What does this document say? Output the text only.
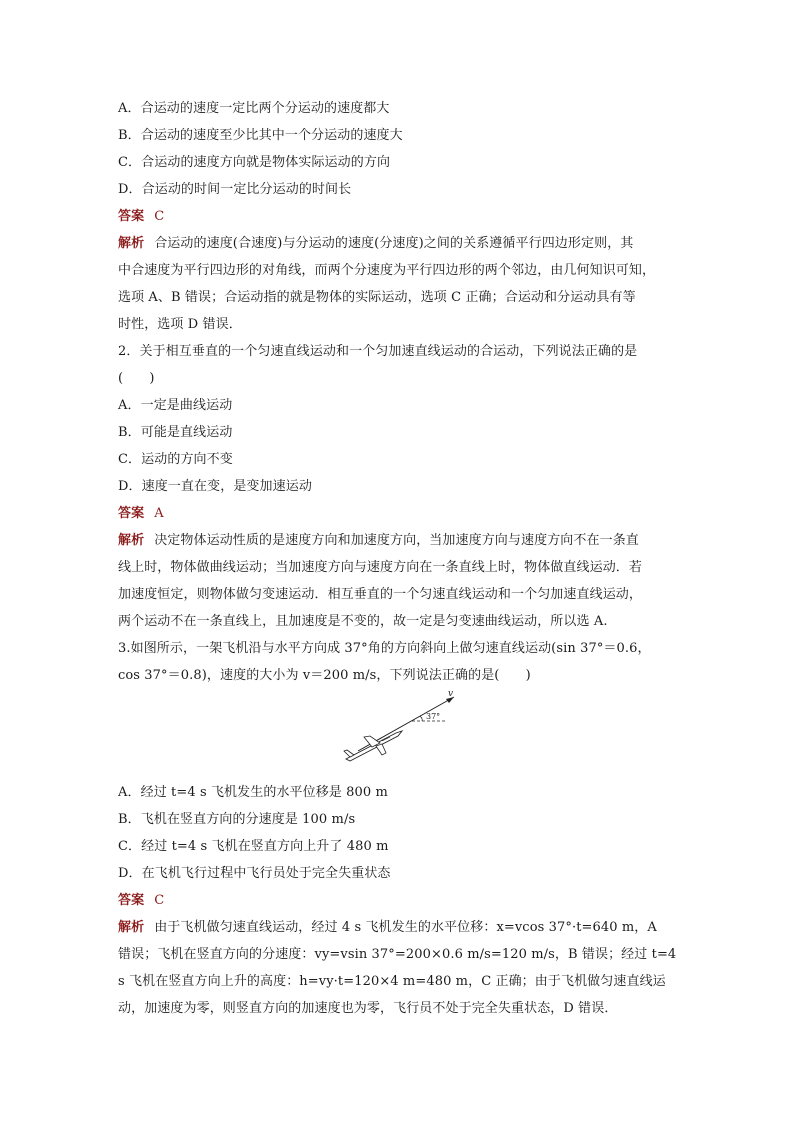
A．合运动的速度一定比两个分运动的速度都大
B．合运动的速度至少比其中一个分运动的速度大
C．合运动的速度方向就是物体实际运动的方向
D．合运动的时间一定比分运动的时间长
答案 C
解析 合运动的速度(合速度)与分运动的速度(分速度)之间的关系遵循平行四边形定则，其
中合速度为平行四边形的对角线，而两个分速度为平行四边形的两个邻边，由几何知识可知，
选项 A、B 错误；合运动指的就是物体的实际运动，选项 C 正确；合运动和分运动具有等
时性，选项 D 错误．
2．关于相互垂直的一个匀速直线运动和一个匀加速直线运动的合运动，下列说法正确的是
(　　)
A．一定是曲线运动
B．可能是直线运动
C．运动的方向不变
D．速度一直在变，是变加速运动
答案 A
解析 决定物体运动性质的是速度方向和加速度方向，当加速度方向与速度方向不在一条直
线上时，物体做曲线运动；当加速度方向与速度方向在一条直线上时，物体做直线运动．若
加速度恒定，则物体做匀变速运动．相互垂直的一个匀速直线运动和一个匀加速直线运动，
两个运动不在一条直线上，且加速度是不变的，故一定是匀变速曲线运动，所以选 A.
3.如图所示，一架飞机沿与水平方向成 37°角的方向斜向上做匀速直线运动(sin 37°＝0.6，
cos 37°＝0.8)，速度的大小为 v＝200 m/s，下列说法正确的是(　　)
v
37°
A．经过 t=4 s 飞机发生的水平位移是 800 m
B．飞机在竖直方向的分速度是 100 m/s
C．经过 t=4 s 飞机在竖直方向上升了 480 m
D．在飞机飞行过程中飞行员处于完全失重状态
答案 C
解析 由于飞机做匀速直线运动，经过 4 s 飞机发生的水平位移：x=vcos 37°·t=640 m，A
错误；飞机在竖直方向的分速度：vy=vsin 37°=200×0.6 m/s=120 m/s，B 错误；经过 t=4
s 飞机在竖直方向上升的高度：h=vy·t=120×4 m=480 m，C 正确；由于飞机做匀速直线运
动，加速度为零，则竖直方向的加速度也为零，飞行员不处于完全失重状态，D 错误．
